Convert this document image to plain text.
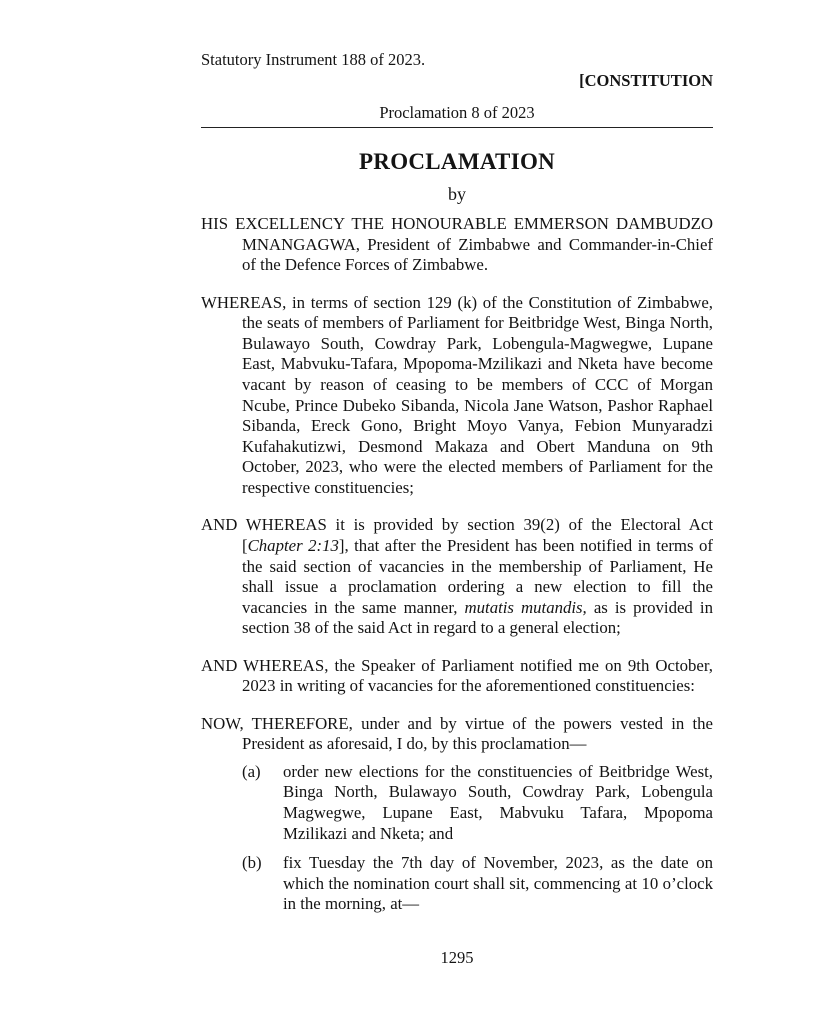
Statutory Instrument 188 of 2023.
[CONSTITUTION
Proclamation 8 of 2023
PROCLAMATION
by

HIS EXCELLENCY THE HONOURABLE EMMERSON DAMBUDZO MNANGAGWA, President of Zimbabwe and Commander-in-Chief of the Defence Forces of Zimbabwe.

WHEREAS, in terms of section 129 (k) of the Constitution of Zimbabwe, the seats of members of Parliament for Beitbridge West, Binga North, Bulawayo South, Cowdray Park, Lobengula-Magwegwe, Lupane East, Mabvuku-Tafara, Mpopoma-Mzilikazi and Nketa have become vacant by reason of ceasing to be members of CCC of Morgan Ncube, Prince Dubeko Sibanda, Nicola Jane Watson, Pashor Raphael Sibanda, Ereck Gono, Bright Moyo Vanya, Febion Munyaradzi Kufahakutizwi, Desmond Makaza and Obert Manduna on 9th October, 2023, who were the elected members of Parliament for the respective constituencies;

AND WHEREAS it is provided by section 39(2) of the Electoral Act [Chapter 2:13], that after the President has been notified in terms of the said section of vacancies in the membership of Parliament, He shall issue a proclamation ordering a new election to fill the vacancies in the same manner, mutatis mutandis, as is provided in section 38 of the said Act in regard to a general election;

AND WHEREAS, the Speaker of Parliament notified me on 9th October, 2023 in writing of vacancies for the aforementioned constituencies:

NOW, THEREFORE, under and by virtue of the powers vested in the President as aforesaid, I do, by this proclamation—

(a)	order new elections for the constituencies of Beitbridge West, Binga North, Bulawayo South, Cowdray Park, Lobengula Magwegwe, Lupane East, Mabvuku Tafara, Mpopoma Mzilikazi and Nketa; and
(b)	fix Tuesday the 7th day of November, 2023, as the date on which the nomination court shall sit, commencing at 10 o’clock in the morning, at—
1295
